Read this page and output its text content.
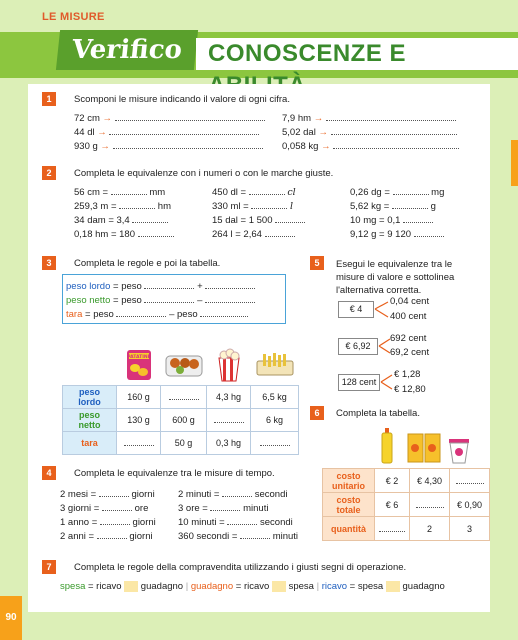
LE MISURE
Verifico	CONOSCENZE E
1	Scomponi le misure indicando il valore di ogni cifra.
72 cm →
44 dl →
930 g →
7,9 hm →
5,02 dal →
0,058 kg →
2	Completa le equivalenze con i numeri o con le marche giuste.
56 cm =	mm
259,3 m =	hm
34 dam = 3,4
0,18 hm = 180
450 dl =	cl
330 ml =	l
15 dal = 1 500
264 l = 2,64
0,26 dg =	mg
5,62 kg =	g
10 mg = 0,1
9,12 g = 9 120
3	Completa le regole e poi la tabella.
peso lordo = peso	+
peso netto = peso	–
tara = peso	– peso

PATATINE

peso lordo	160 g		4,3 hg	6,5 kg
peso netto	130 g	600 g		6 kg
tara		50 g	0,3 hg	
4	Completa le equivalenze tra le misure di tempo.
2 mesi =	giorni
3 giorni =	ore
1 anno =	giorni
2 anni =	giorni
2 minuti =	secondi
3 ore =	minuti
10 minuti =	secondi
360 secondi =	minuti
5	Esegui le equivalenze tra le misure di valore e sottolinea l'alternativa corretta.
€ 4
0,04 cent
400 cent
€ 6,92
692 cent
69,2 cent
128 cent
€ 1,28
€ 12,80
6	Completa la tabella.
costo unitario	€ 2	€ 4,30	
costo totale	€ 6		€ 0,90
quantità		2	3
7	Completa le regole della compravendita utilizzando i giusti segni di operazione.
spesa = ricavo  guadagno | guadagno = ricavo  spesa | ricavo = spesa  guadagno
90
